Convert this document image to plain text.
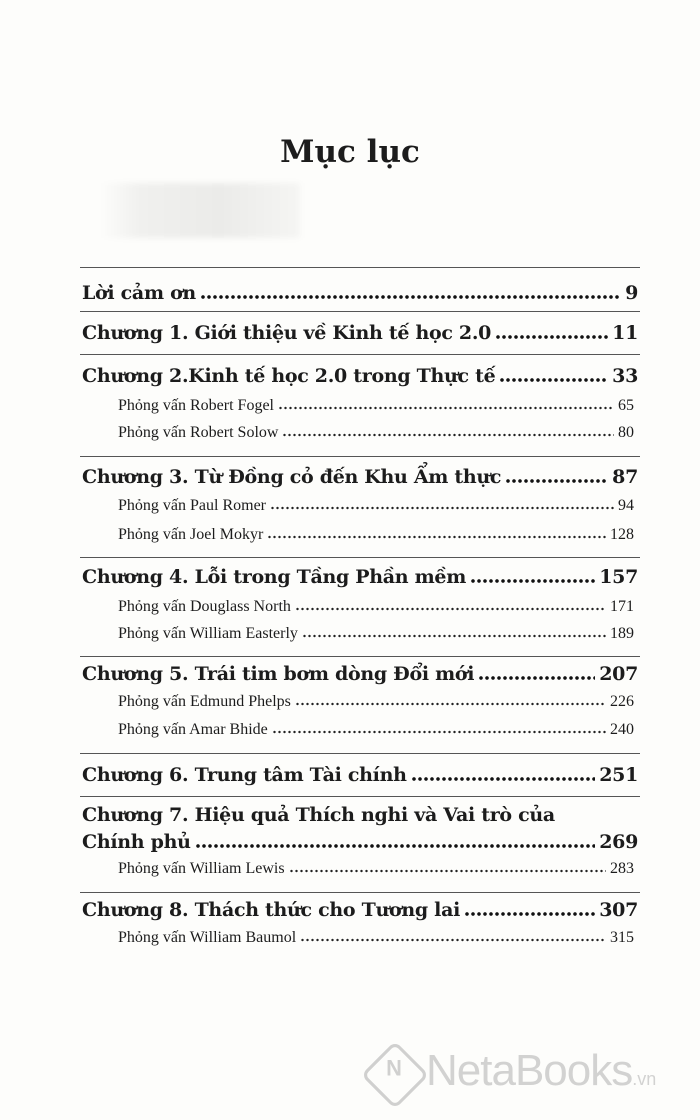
Mục lục
Lời cảm ơn	9
Chương 1. Giới thiệu về Kinh tế học 2.0	11
Chương 2.Kinh tế học 2.0 trong Thực tế	33
Phỏng vấn Robert Fogel	65
Phỏng vấn Robert Solow	80
Chương 3. Từ Đồng cỏ đến Khu Ẩm thực	87
Phỏng vấn Paul Romer	94
Phỏng vấn Joel Mokyr	128
Chương 4. Lỗi trong Tầng Phần mềm	157
Phỏng vấn Douglass North	171
Phỏng vấn William Easterly	189
Chương 5. Trái tim bơm dòng Đổi mới	207
Phỏng vấn Edmund Phelps	226
Phỏng vấn Amar Bhide	240
Chương 6. Trung tâm Tài chính	251
Chương 7. Hiệu quả Thích nghi và Vai trò của
Chính phủ	269
Phỏng vấn William Lewis	283
Chương 8. Thách thức cho Tương lai	307
Phỏng vấn William Baumol	315
N NetaBooks.vn
